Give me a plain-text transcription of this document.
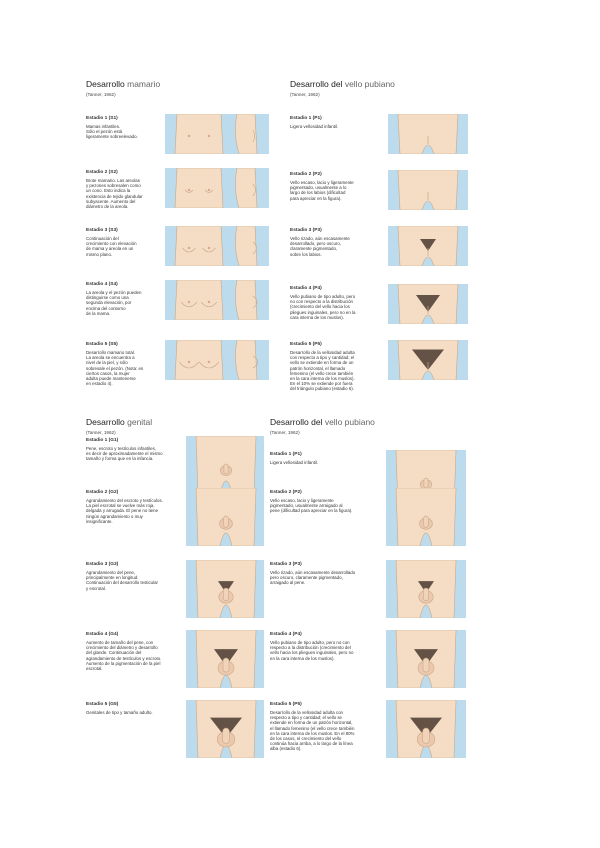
Desarrollo mamario
(Tanner, 1962)
Desarrollo del vello pubiano
(Tanner, 1962)
Desarrollo genital
(Tanner, 1962)
Desarrollo del vello pubiano
(Tanner, 1962)
Estadio 1 (S1)
Mamas infantiles.
Sólo el pezón está
ligeramente sobreelevado.
Estadio 2 (S2)
Brote mamario. Las areolas
y pezones sobresalen como
un cono. Esto indica la
existencia de tejido glandular
subyacente. Aumento del
diámetro de la areola.
Estadio 3 (S3)
Continuación del
crecimiento con elevación
de mama y areola en un
mismo plano.
Estadio 4 (S4)
La areola y el pezón pueden
distinguirse como una
segunda elevación, por
encima del contorno
de la mama.
Estadio 5 (S5)
Desarrollo mamario total.
La areola se encuentra a
nivel de la piel, y sólo
sobresale el pezón. (Nota: en
ciertos casos, la mujer
adulta puede mantenerse
en estadio 4).
Estadio 1 (P1)
Ligera vellosidad infantil.
Estadio 2 (P2)
Vello escaso, lacio y ligeramente
pigmentado, usualmente a lo
largo de los labios (dificultad
para apreciar en la figura).
Estadio 3 (P3)
Vello rizado, aún escasamente
desarrollado, pero oscuro,
claramente pigmentado,
sobre los labios.
Estadio 4 (P4)
Vello pubiano de tipo adulto, pero
no con respecto a la distribución
(crecimiento del vello hacia los
pliegues inguinales, pero no en la
cara interna de los muslos).
Estadio 5 (P5)
Desarrollo de la vellosidad adulta
con respecto a tipo y cantidad; el
vello se extiende en forma de un
patrón horizontal, el llamado
femenino (el vello crece también
en la cara interna de los muslos).
En el 10% se extiende por fuera
del triángulo pubiano (estadio 6).
Estadio 1 (G1)
Pene, escroto y testículos infantiles,
es decir de aproximadamente el mismo
tamaño y forma que en la infancia.
Estadio 2 (G2)
Agrandamiento del escroto y testículos.
La piel escrotal se vuelve más roja,
delgada y arrugada. El pene no tiene
ningún agrandamiento o muy
insignificante.
Estadio 3 (G3)
Agrandamiento del pene,
principalmente en longitud.
Continuación del desarrollo testicular
y escrotal.
Estadio 4 (G4)
Aumento de tamaño del pene, con
crecimiento del diámetro y desarrollo
del glande. Continuación del
agrandamiento de testículos y escroto.
Aumento de la pigmentación de la piel
escrotal.
Estadio 5 (G5)
Genitales de tipo y tamaño adulto.
Estadio 1 (P1)
Ligera vellosidad infantil.
Estadio 2 (P2)
Vello escaso, lacio y ligeramente
pigmentado, usualmente arraigado al
pene (dificultad para apreciar en la figura).
Estadio 3 (P3)
Vello rizado, aún escasamente desarrollado
pero oscuro, claramente pigmentado,
arraigado al pene.
Estadio 4 (P4)
Vello pubiano de tipo adulto, pero no con
respecto a la distribución (crecimiento del
vello hacia los pliegues inguinales, pero no
en la cara interna de los muslos).
Estadio 5 (P5)
Desarrollo de la vellosidad adulta con
respecto a tipo y cantidad; el vello se
extiende en forma de un patrón horizontal,
el llamado femenino (el vello crece también
en la cara interna de los muslos. En el 80%
de los casos, el crecimiento del vello
continúa hacia arriba, a lo largo de la línea
alba (estadio 6).
